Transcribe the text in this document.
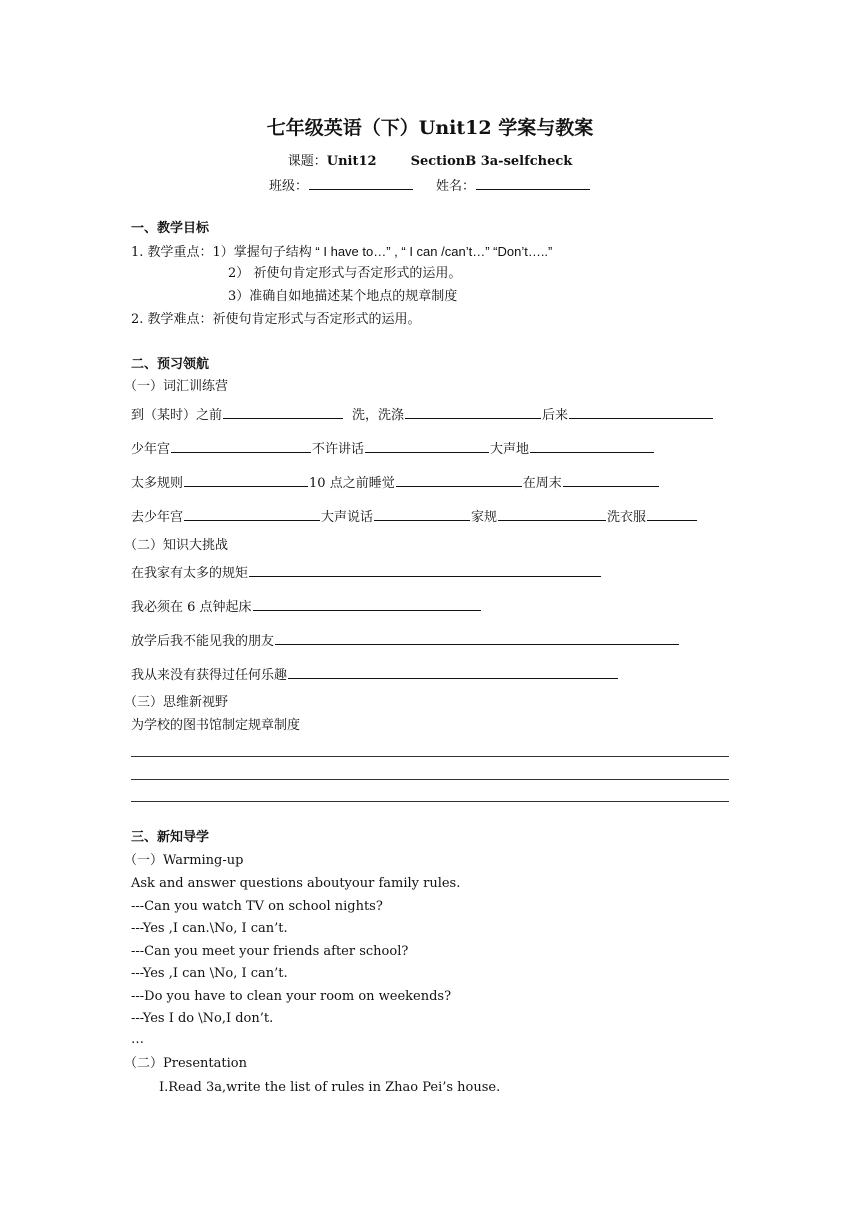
七年级英语（下）Unit12 学案与教案
课题：Unit12	SectionB 3a-selfcheck
班级：	姓名：
一、教学目标
1. 教学重点：1）掌握句子结构 “ I have to…” , “ I can /can’t…” “Don’t…..”
2） 祈使句肯定形式与否定形式的运用。
3）准确自如地描述某个地点的规章制度
2. 教学难点：祈使句肯定形式与否定形式的运用。
二、预习领航
（一）词汇训练营
到（某时）之前	洗，洗涤	后来
少年宫	不许讲话	大声地
太多规则	10 点之前睡觉	在周末
去少年宫	大声说话	家规	洗衣服
（二）知识大挑战
在我家有太多的规矩
我必须在 6 点钟起床
放学后我不能见我的朋友
我从来没有获得过任何乐趣
（三）思维新视野
为学校的图书馆制定规章制度
三、新知导学
（一）Warming-up
Ask and answer questions aboutyour family rules.
---Can you watch TV on school nights?
---Yes ,I can.\No, I can’t.
---Can you meet your friends after school?
---Yes ,I can \No, I can’t.
---Do you have to clean your room on weekends?
---Yes I do \No,I don’t.
…
（二）Presentation
I.Read 3a,write the list of rules in Zhao Pei’s house.
